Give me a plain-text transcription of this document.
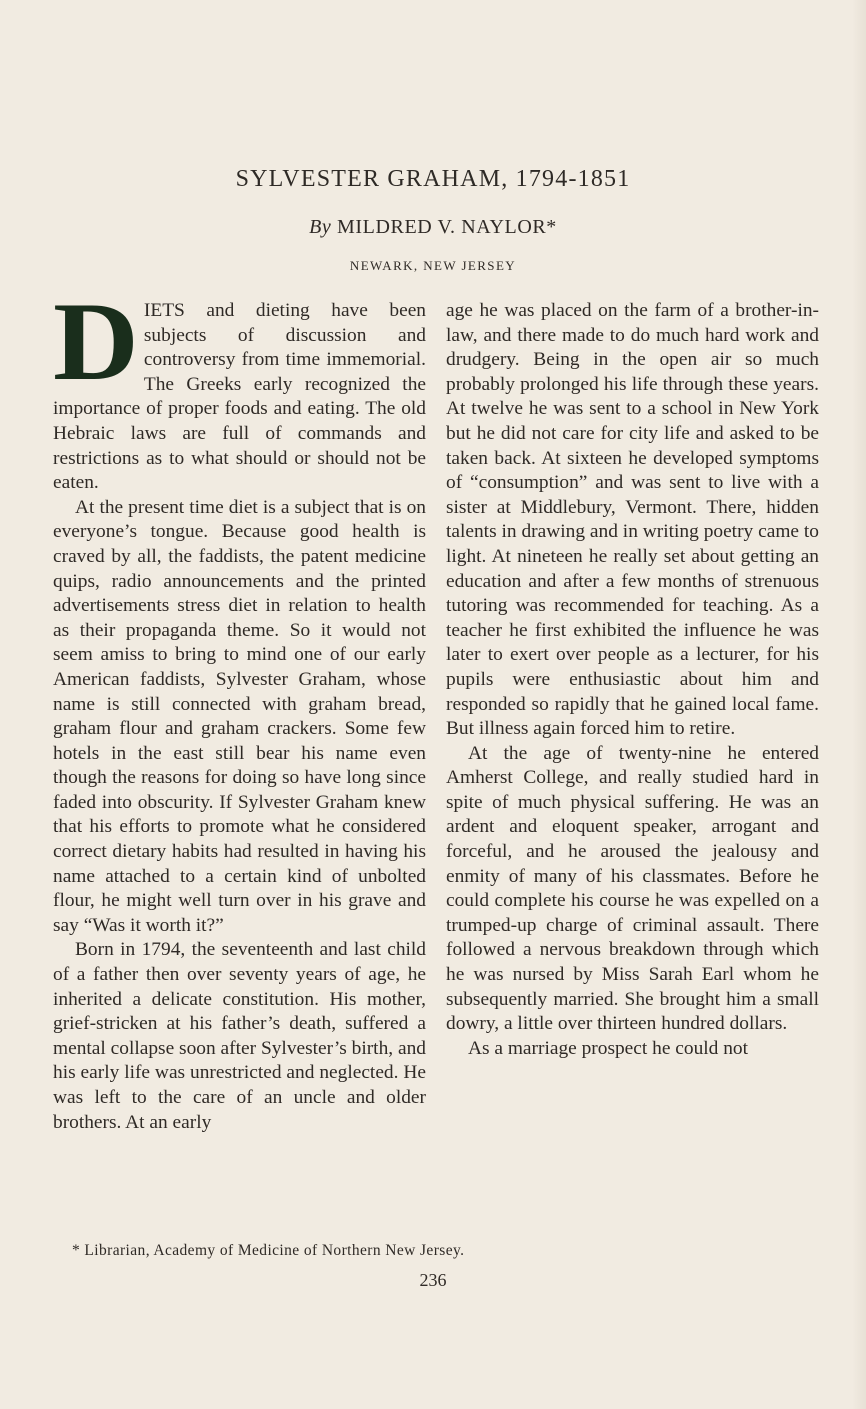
SYLVESTER GRAHAM, 1794-1851
By MILDRED V. NAYLOR*
NEWARK, NEW JERSEY

DIETS and dieting have been subjects of discussion and controversy from time immemorial. The Greeks early recognized the importance of proper foods and eating. The old Hebraic laws are full of commands and restrictions as to what should or should not be eaten.

At the present time diet is a subject that is on everyone’s tongue. Because good health is craved by all, the faddists, the patent medicine quips, radio announcements and the printed advertisements stress diet in relation to health as their propaganda theme. So it would not seem amiss to bring to mind one of our early American faddists, Sylvester Graham, whose name is still connected with graham bread, graham flour and graham crackers. Some few hotels in the east still bear his name even though the reasons for doing so have long since faded into obscurity. If Sylvester Graham knew that his efforts to promote what he considered correct dietary habits had resulted in having his name attached to a certain kind of unbolted flour, he might well turn over in his grave and say “Was it worth it?”

Born in 1794, the seventeenth and last child of a father then over seventy years of age, he inherited a delicate constitution. His mother, grief-stricken at his father’s death, suffered a mental collapse soon after Sylvester’s birth, and his early life was unrestricted and neglected. He was left to the care of an uncle and older brothers. At an early

age he was placed on the farm of a brother-in-law, and there made to do much hard work and drudgery. Being in the open air so much probably prolonged his life through these years. At twelve he was sent to a school in New York but he did not care for city life and asked to be taken back. At sixteen he developed symptoms of “consumption” and was sent to live with a sister at Middlebury, Vermont. There, hidden talents in drawing and in writing poetry came to light. At nineteen he really set about getting an education and after a few months of strenuous tutoring was recommended for teaching. As a teacher he first exhibited the influence he was later to exert over people as a lecturer, for his pupils were enthusiastic about him and responded so rapidly that he gained local fame. But illness again forced him to retire.

At the age of twenty-nine he entered Amherst College, and really studied hard in spite of much physical suffering. He was an ardent and eloquent speaker, arrogant and forceful, and he aroused the jealousy and enmity of many of his classmates. Before he could complete his course he was expelled on a trumped-up charge of criminal assault. There followed a nervous breakdown through which he was nursed by Miss Sarah Earl whom he subsequently married. She brought him a small dowry, a little over thirteen hundred dollars.

As a marriage prospect he could not

* Librarian, Academy of Medicine of Northern New Jersey.
236
